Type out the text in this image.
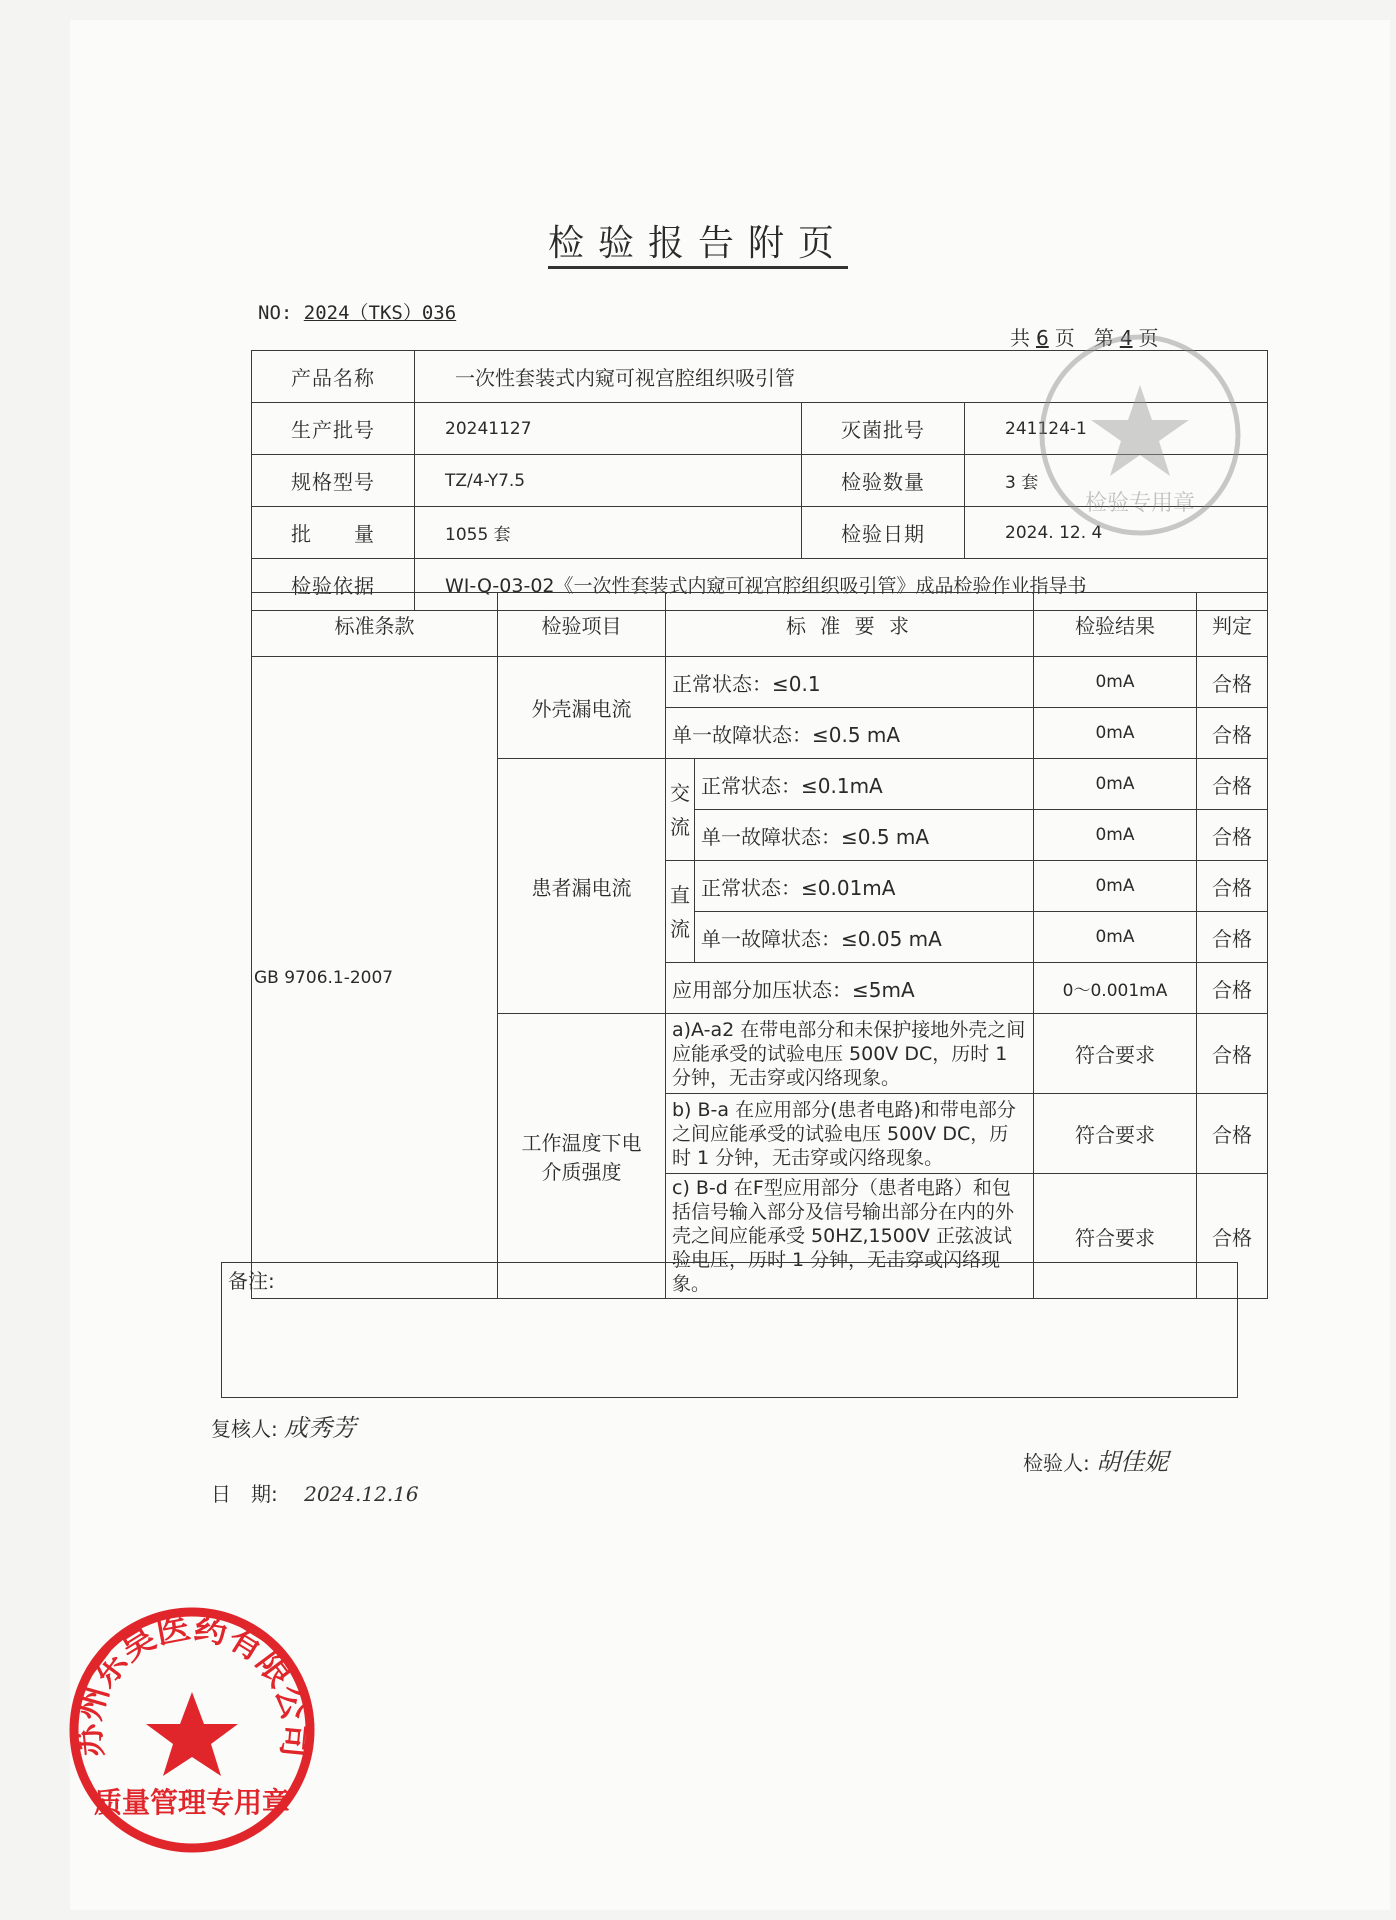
检验报告附页
NO: 2024（TKS）036
共 6 页 第 4 页
产品名称	一次性套装式内窥可视宫腔组织吸引管		
生产批号	20241127	灭菌批号	241124-1
规格型号	TZ/4-Y7.5	检验数量	3 套
批　　量	1055 套	检验日期	2024. 12. 4
检验依据	WI-Q-03-02《一次性套装式内窥可视宫腔组织吸引管》成品检验作业指导书		
标准条款	检验项目	标 准 要 求		检验结果	判定
GB 9706.1-2007	外壳漏电流	正常状态：≤0.1		0mA	合格
		单一故障状态：≤0.5 mA		0mA	合格
	患者漏电流	交流	正常状态：≤0.1mA	0mA	合格
			单一故障状态：≤0.5 mA	0mA	合格
		直流	正常状态：≤0.01mA	0mA	合格
			单一故障状态：≤0.05 mA	0mA	合格
		应用部分加压状态：≤5mA		0～0.001mA	合格
	工作温度下电介质强度	a)A-a2 在带电部分和未保护接地外壳之间应能承受的试验电压 500V DC，历时 1 分钟，无击穿或闪络现象。		符合要求	合格
		b) B-a 在应用部分(患者电路)和带电部分之间应能承受的试验电压 500V DC，历时 1 分钟，无击穿或闪络现象。		符合要求	合格
		c) B-d 在F型应用部分（患者电路）和包括信号输入部分及信号输出部分在内的外壳之间应能承受 50HZ,1500V 正弦波试验电压，历时 1 分钟，无击穿或闪络现象。		符合要求	合格
备注:
复核人: 成秀芳
检验人: 胡佳妮
日　期: 2024.12.16
检验专用章
苏州东昊医药有限公司
质量管理专用章
